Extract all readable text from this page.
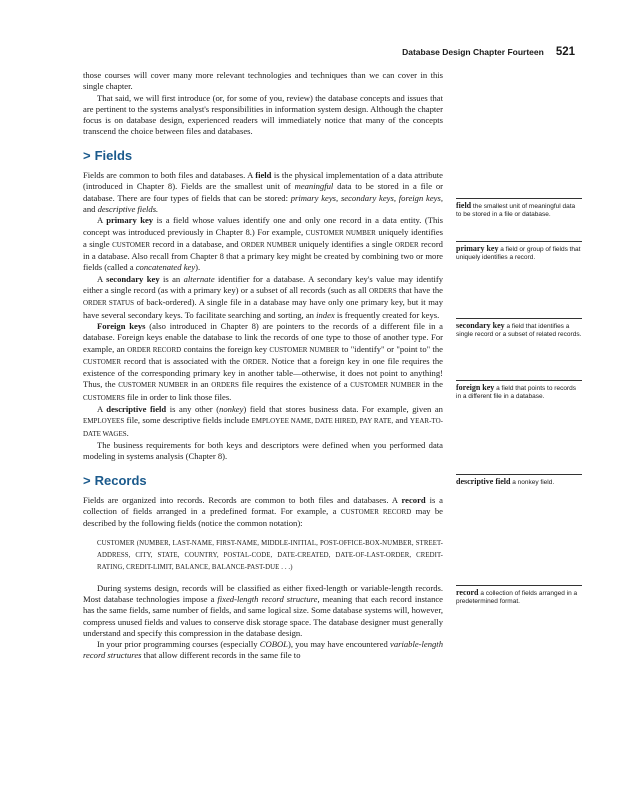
Database Design Chapter Fourteen 521

those courses will cover many more relevant technologies and techniques than we can cover in this single chapter.

That said, we will first introduce (or, for some of you, review) the database concepts and issues that are pertinent to the systems analyst's responsibilities in information system design. Although the chapter focus is on database design, experienced readers will immediately notice that many of the concepts transcend the choice between files and databases.

> Fields

Fields are common to both files and databases. A field is the physical implementation of a data attribute (introduced in Chapter 8). Fields are the smallest unit of meaningful data to be stored in a file or database. There are four types of fields that can be stored: primary keys, secondary keys, foreign keys, and descriptive fields.

A primary key is a field whose values identify one and only one record in a data entity. (This concept was introduced previously in Chapter 8.) For example, CUSTOMER NUMBER uniquely identifies a single CUSTOMER record in a database, and ORDER NUMBER uniquely identifies a single ORDER record in a database. Also recall from Chapter 8 that a primary key might be created by combining two or more fields (called a concatenated key).

A secondary key is an alternate identifier for a database. A secondary key's value may identify either a single record (as with a primary key) or a subset of all records (such as all ORDERS that have the ORDER STATUS of back-ordered). A single file in a database may have only one primary key, but it may have several secondary keys. To facilitate searching and sorting, an index is frequently created for keys.

Foreign keys (also introduced in Chapter 8) are pointers to the records of a different file in a database. Foreign keys enable the database to link the records of one type to those of another type. For example, an ORDER RECORD contains the foreign key CUSTOMER NUMBER to "identify" or "point to" the CUSTOMER record that is associated with the ORDER. Notice that a foreign key in one file requires the existence of the corresponding primary key in another table—otherwise, it does not point to anything! Thus, the CUSTOMER NUMBER in an ORDERS file requires the existence of a CUSTOMER NUMBER in the CUSTOMERS file in order to link those files.

A descriptive field is any other (nonkey) field that stores business data. For example, given an EMPLOYEES file, some descriptive fields include EMPLOYEE NAME, DATE HIRED, PAY RATE, and YEAR-TO-DATE WAGES.

The business requirements for both keys and descriptors were defined when you performed data modeling in systems analysis (Chapter 8).

> Records

Fields are organized into records. Records are common to both files and databases. A record is a collection of fields arranged in a predefined format. For example, a CUSTOMER RECORD may be described by the following fields (notice the common notation):

CUSTOMER (NUMBER, LAST-NAME, FIRST-NAME, MIDDLE-INITIAL, POST-OFFICE-BOX-NUMBER, STREET-ADDRESS, CITY, STATE, COUNTRY, POSTAL-CODE, DATE-CREATED, DATE-OF-LAST-ORDER, CREDIT-RATING, CREDIT-LIMIT, BALANCE, BALANCE-PAST-DUE . . .)

During systems design, records will be classified as either fixed-length or variable-length records. Most database technologies impose a fixed-length record structure, meaning that each record instance has the same fields, same number of fields, and same logical size. Some database systems will, however, compress unused fields and values to conserve disk storage space. The database designer must generally understand and specify this compression in the database design.

In your prior programming courses (especially COBOL), you may have encountered variable-length record structures that allow different records in the same file to

field the smallest unit of meaningful data to be stored in a file or database.
primary key a field or group of fields that uniquely identifies a record.
secondary key a field that identifies a single record or a subset of related records.
foreign key a field that points to records in a different file in a database.
descriptive field a nonkey field.
record a collection of fields arranged in a predetermined format.
